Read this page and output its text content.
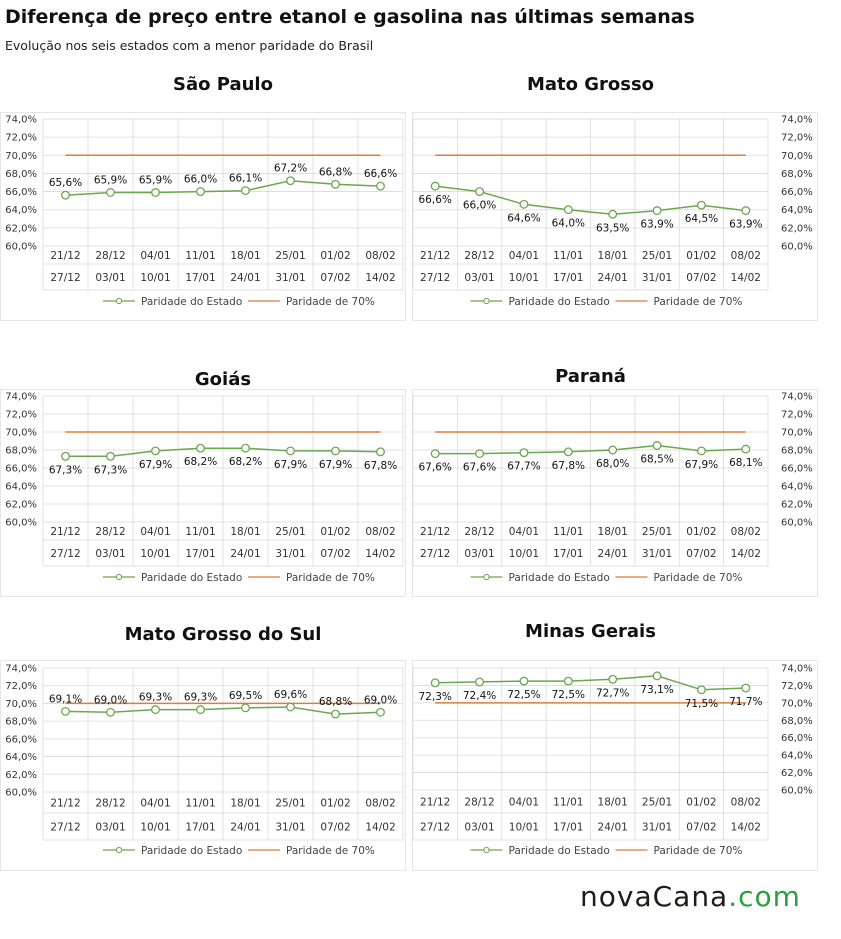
Diferença de preço entre etanol e gasolina nas últimas semanas
Evolução nos seis estados com a menor paridade do Brasil
São Paulo
60,0%
62,0%
64,0%
66,0%
68,0%
70,0%
72,0%
74,0%
21/12
27/12
28/12
03/01
04/01
10/01
11/01
17/01
18/01
24/01
25/01
31/01
01/02
07/02
08/02
14/02
65,6% 65,9% 65,9% 66,0% 66,1%
67,2% 66,8% 66,6%
Paridade do Estado	Paridade de 70%
Mato Grosso
60,0%
62,0%
64,0%
66,0%
68,0%
70,0%
72,0%
74,0%
21/12
27/12
28/12
03/01
04/01
10/01
11/01
17/01
18/01
24/01
25/01
31/01
01/02
07/02
08/02
14/02
66,6% 66,0%
64,6% 64,0% 63,5% 63,9% 64,5% 63,9%
Paridade do Estado	Paridade de 70%
Goiás
60,0%
62,0%
64,0%
66,0%
68,0%
70,0%
72,0%
74,0%
21/12
27/12
28/12
03/01
04/01
10/01
11/01
17/01
18/01
24/01
25/01
31/01
01/02
07/02
08/02
14/02
67,3% 67,3% 67,9% 68,2% 68,2% 67,9% 67,9% 67,8%
Paridade do Estado	Paridade de 70%
Paraná
60,0%
62,0%
64,0%
66,0%
68,0%
70,0%
72,0%
74,0%
21/12
27/12
28/12
03/01
04/01
10/01
11/01
17/01
18/01
24/01
25/01
31/01
01/02
07/02
08/02
14/02
67,6% 67,6% 67,7% 67,8% 68,0% 68,5% 67,9% 68,1%
Paridade do Estado	Paridade de 70%
Mato Grosso do Sul
60,0%
62,0%
64,0%
66,0%
68,0%
70,0%
72,0%
74,0%
21/12
27/12
28/12
03/01
04/01
10/01
11/01
17/01
18/01
24/01
25/01
31/01
01/02
07/02
08/02
14/02
69,1% 69,0% 69,3% 69,3% 69,5% 69,6%
68,8% 69,0%
Paridade do Estado	Paridade de 70%
Minas Gerais
60,0%
62,0%
64,0%
66,0%
68,0%
70,0%
72,0%
74,0%
21/12
27/12
28/12
03/01
04/01
10/01
11/01
17/01
18/01
24/01
25/01
31/01
01/02
07/02
08/02
14/02
72,3% 72,4% 72,5% 72,5% 72,7% 73,1%
71,5% 71,7%
Paridade do Estado	Paridade de 70%
novaCana.com
